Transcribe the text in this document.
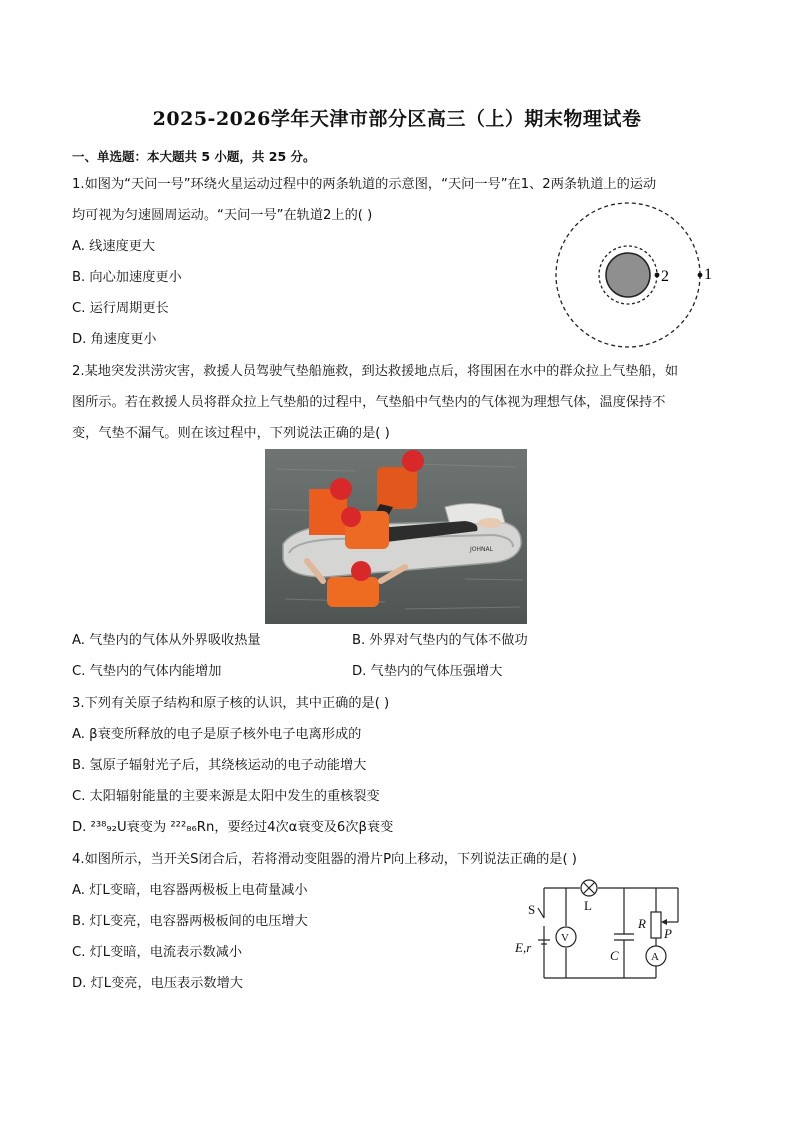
2025-2026学年天津市部分区高三（上）期末物理试卷
一、单选题：本大题共 5 小题，共 25 分。
1.如图为“天问一号”环绕火星运动过程中的两条轨道的示意图，“天问一号”在1、2两条轨道上的运动
均可视为匀速圆周运动。“天问一号”在轨道2上的( )
A. 线速度更大
B. 向心加速度更小
C. 运行周期更长
D. 角速度更小
2 1
2.某地突发洪涝灾害，救援人员驾驶气垫船施救，到达救援地点后，将围困在水中的群众拉上气垫船，如
图所示。若在救援人员将群众拉上气垫船的过程中，气垫船中气垫内的气体视为理想气体，温度保持不
变，气垫不漏气。则在该过程中，下列说法正确的是( )
JOHNAL
A. 气垫内的气体从外界吸收热量	B. 外界对气垫内的气体不做功
C. 气垫内的气体内能增加	D. 气垫内的气体压强增大
3.下列有关原子结构和原子核的认识，其中正确的是( )
A. β衰变所释放的电子是原子核外电子电离形成的
B. 氢原子辐射光子后，其绕核运动的电子动能增大
C. 太阳辐射能量的主要来源是太阳中发生的重核裂变
D. ²³⁸₉₂U衰变为 ²²²₈₆Rn，要经过4次α衰变及6次β衰变
4.如图所示，当开关S闭合后，若将滑动变阻器的滑片P向上移动，下列说法正确的是( )
A. 灯L变暗，电容器两极板上电荷量减小
B. 灯L变亮，电容器两极板间的电压增大
C. 灯L变暗，电流表示数减小
D. 灯L变亮，电压表示数增大
S	L
E,r
V
C
R
P
A
